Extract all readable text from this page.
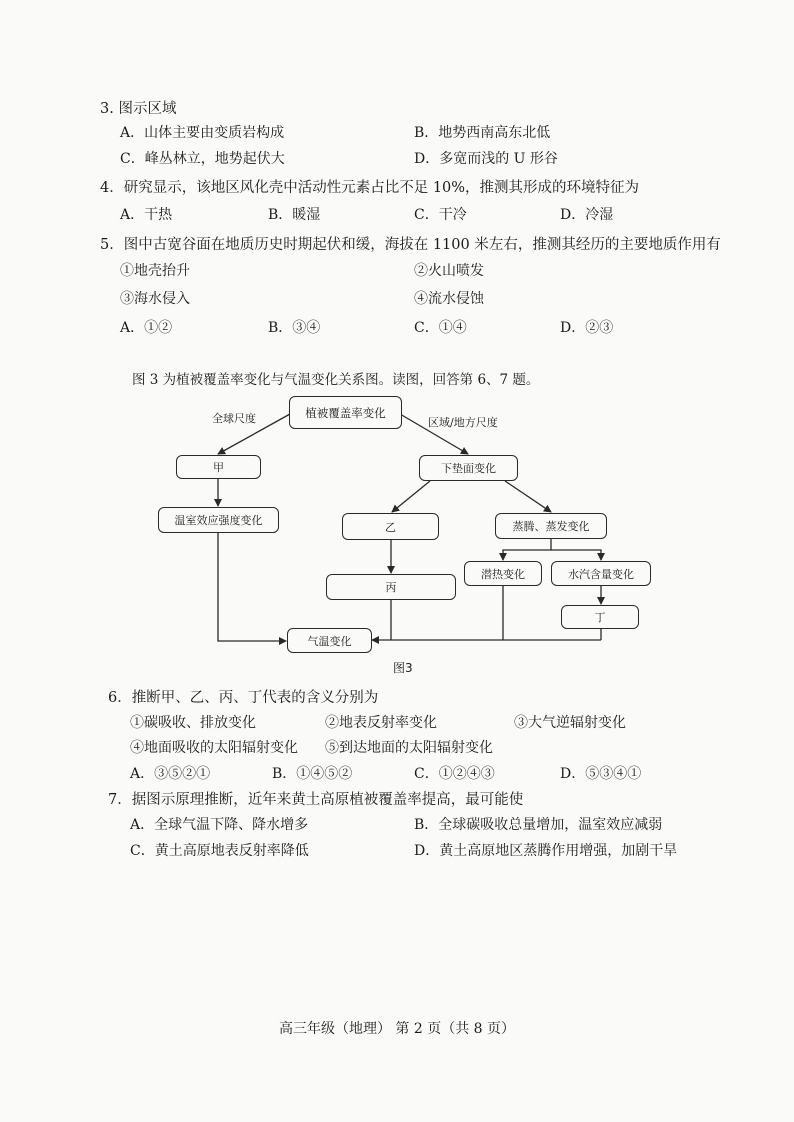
3. 图示区域
A．山体主要由变质岩构成	B．地势西南高东北低
C．峰丛林立，地势起伏大	D．多宽而浅的 U 形谷
4．研究显示，该地区风化壳中活动性元素占比不足 10%，推测其形成的环境特征为
A．干热	B．暖湿	C．干冷	D．冷湿
5．图中古宽谷面在地质历史时期起伏和缓，海拔在 1100 米左右，推测其经历的主要地质作用有
①地壳抬升	②火山喷发
③海水侵入	④流水侵蚀
A．①②	B．③④	C．①④	D．②③
图 3 为植被覆盖率变化与气温变化关系图。读图，回答第 6、7 题。
植被覆盖率变化
全球尺度	区域/地方尺度
甲
温室效应强度变化
下垫面变化
乙	蒸腾、蒸发变化
丙
潜热变化	水汽含量变化
丁
气温变化
图3
6．推断甲、乙、丙、丁代表的含义分别为
①碳吸收、排放变化	②地表反射率变化	③大气逆辐射变化
④地面吸收的太阳辐射变化 ⑤到达地面的太阳辐射变化
A．③⑤②①	B．①④⑤②	C．①②④③	D．⑤③④①
7．据图示原理推断，近年来黄土高原植被覆盖率提高，最可能使
A．全球气温下降、降水增多	B．全球碳吸收总量增加，温室效应减弱
C．黄土高原地表反射率降低	D．黄土高原地区蒸腾作用增强，加剧干旱
高三年级（地理） 第 2 页（共 8 页）
